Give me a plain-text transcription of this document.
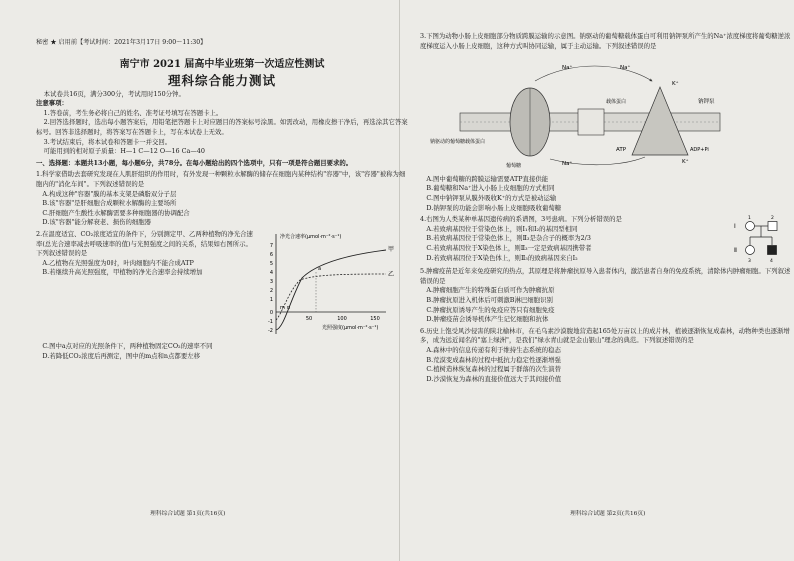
秘密 ★ 启用前【考试时间：2021年3月17日 9:00～11:30】
南宁市 2021 届高中毕业班第一次适应性测试
理科综合能力测试

本试卷共16页，满分300分，考试用时150分钟。

注意事项：

1.答卷前，考生务必将自己的姓名、准考证号填写在答题卡上。

2.回答选择题时，选出每小题答案后，用铅笔把答题卡上对应题目的答案标号涂黑。如需改动，用橡皮擦干净后，再选涂其它答案标号。回答非选择题时，将答案写在答题卡上，写在本试卷上无效。

3.考试结束后，将本试卷和答题卡一并交回。

可能用到的相对原子质量：H—1 C—12 O—16 Ca—40

一、选择题：本题共13小题，每小题6分，共78分。在每小题给出的四个选项中，只有一项是符合题目要求的。
1.科学家借助去套研究发现在人肌肝组织的作用时，有外发现一种颗粒水解酶的储存在细胞内某种结构"容器"中，该"容器"被称为细胞内的"消化车间"。下列叙述错误的是
A.构成这种"容器"膜的基本支架是磷脂双分子层
B.该"容器"是肝细胞合成颗粒水解酶的主要场所
C.肝细胞产生酸性水解酶需要多种细胞器的协调配合
D.该"容器"能分解衰老、损伤的细胞器
2.在温度适宜、CO₂浓度适宜的条件下，分别测定甲、乙两种植物的净光合速率(总光合速率减去呼吸速率的值)与光照强度之间的关系，结果如右图所示。下列叙述错误的是
A.乙植物在光照强度为0时，叶肉细胞内不能合成ATP
B.若继续升高光照强度，甲植物的净光合速率会持续增加
净光合速率(μmol·m⁻²·s⁻¹)
7
6
5
4
3
2
1
0
-1
-2
50	100	150
光照强度(μmol·m⁻²·s⁻¹)
甲
乙
a
m n
C.图中a点对应的光照条件下，两种植物固定CO₂的速率不同
D.若降低CO₂浓度后再测定，图中的m点和n点都要左移
理科综合试题 第1页(共16页)
3.下图为动物小肠上皮细胞部分物质跨膜运输的示意图。钠驱动的葡萄糖载体蛋白可利用钠钾泵所产生的Na⁺浓度梯度将葡萄糖逆浓度梯度运入小肠上皮细胞，这种方式叫协同运输，属于主动运输。下列叙述错误的是
Na⁺	Na⁺
K⁺
载体蛋白
钠驱动的葡萄糖载体蛋白
钠钾泵
葡萄糖	Na⁺
ATP	ADP+Pi
K⁺
A.图中葡萄糖的跨膜运输需要ATP直接供能
B.葡萄糖和Na⁺进入小肠上皮细胞的方式相同
C.图中钠钾泵从膜外吸收K⁺的方式是被动运输
D.钠钾泵的功能会影响小肠上皮细胞吸收葡萄糖
4.右图为人类某种单基因遗传病的系谱图，3号患病。下列分析错误的是
A.若致病基因位于常染色体上，则Ⅰ₁和Ⅰ₂的基因型相同
B.若致病基因位于常染色体上，则Ⅱ₃是杂合子的概率为2/3
C.若致病基因位于X染色体上，则Ⅱ₃一定是致病基因携带者
D.若致病基因位于X染色体上，则Ⅱ₃的致病基因来自Ⅰ₂
Ⅰ
Ⅱ
1	2
3	4
5.肿瘤疫苗是近年来免疫研究的热点，其原理是将肿瘤抗原导入患者体内，激活患者自身的免疫系统，清除体内肿瘤细胞。下列叙述错误的是
A.肿瘤细胞产生的特殊蛋白质可作为肿瘤抗原
B.肿瘤抗原进入机体后可刺激B淋巴细胞识别
C.肿瘤抗原诱导产生的免疫应答只有细胞免疫
D.肿瘤疫苗会诱导机体产生记忆细胞和抗体
6.历史上饱受风沙侵害的陕北榆林市，在毛乌素沙漠腹地营造起165处万亩以上的成片林，植被逐渐恢复成森林，动物种类也逐渐增多，成为远近闻名的"塞上绿洲"，是我们"绿水青山就是金山银山"理念的典范。下列叙述错误的是
A.森林中的信息传递有利于维持生态系统的稳态
B.荒漠变成森林的过程中抵抗力稳定性逐渐增强
C.植树造林恢复森林的过程属于群落的次生演替
D.沙漠恢复为森林的直接价值远大于其间接价值
理科综合试题 第2页(共16页)
